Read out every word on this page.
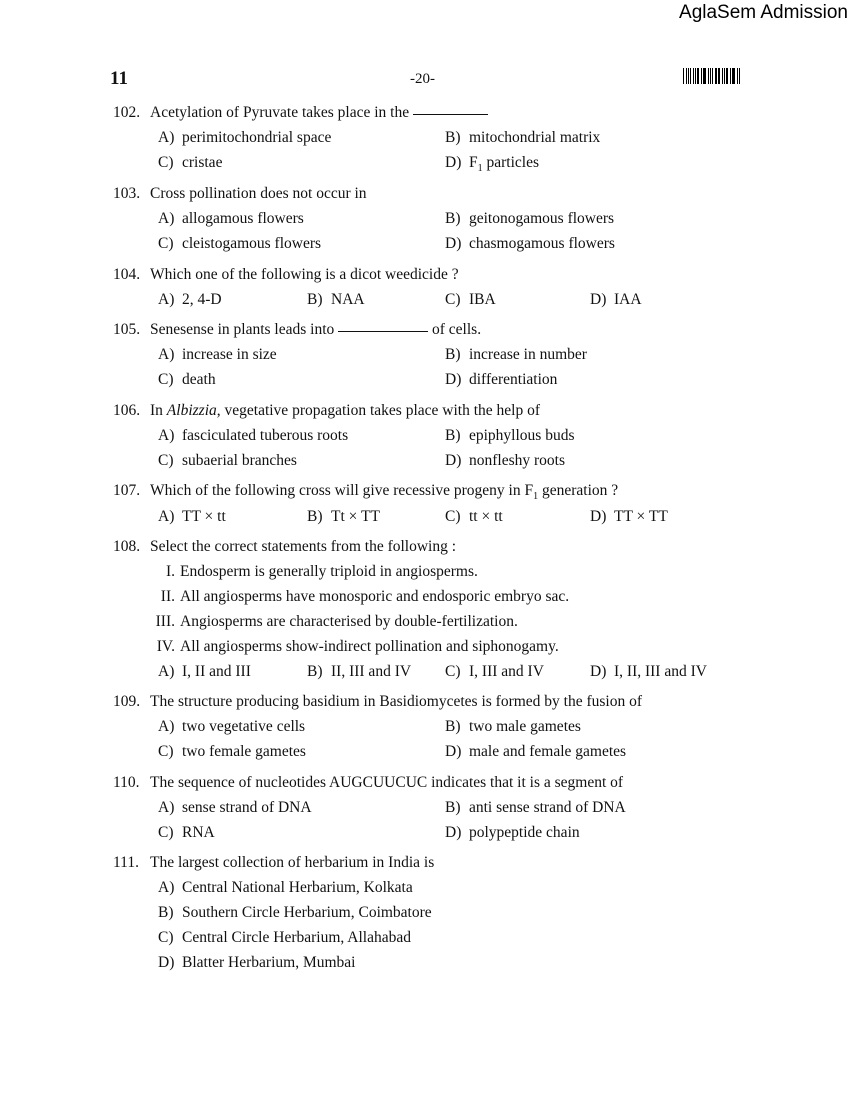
AglaSem Admission
11	-20-
102. Acetylation of Pyruvate takes place in the
A) perimitochondrial space	B) mitochondrial matrix
C) cristae	D) $F_1$ particles
103. Cross pollination does not occur in
A) allogamous flowers	B) geitonogamous flowers
C) cleistogamous flowers	D) chasmogamous flowers
104. Which one of the following is a dicot weedicide ?
A) 2, 4-D	B) NAA	C) IBA	D) IAA
105. Senesense in plants leads into	of cells.
A) increase in size	B) increase in number
C) death	D) differentiation
106. In Albizzia, vegetative propagation takes place with the help of
A) fasciculated tuberous roots	B) epiphyllous buds
C) subaerial branches	D) nonfleshy roots
107. Which of the following cross will give recessive progeny in $F_1$ generation ?
A) TT × tt	B) Tt × TT	C) tt × tt	D) TT × TT
108. Select the correct statements from the following :
I. Endosperm is generally triploid in angiosperms.
II. All angiosperms have monosporic and endosporic embryo sac.
III. Angiosperms are characterised by double-fertilization.
IV. All angiosperms show-indirect pollination and siphonogamy.
A) I, II and III	B) II, III and IV C) I, III and IV	D) I, II, III and IV
109. The structure producing basidium in Basidiomycetes is formed by the fusion of
A) two vegetative cells	B) two male gametes
C) two female gametes	D) male and female gametes
110. The sequence of nucleotides AUGCUUCUC indicates that it is a segment of
A) sense strand of DNA	B) anti sense strand of DNA
C) RNA	D) polypeptide chain
111. The largest collection of herbarium in India is
A) Central National Herbarium, Kolkata
B) Southern Circle Herbarium, Coimbatore
C) Central Circle Herbarium, Allahabad
D) Blatter Herbarium, Mumbai
